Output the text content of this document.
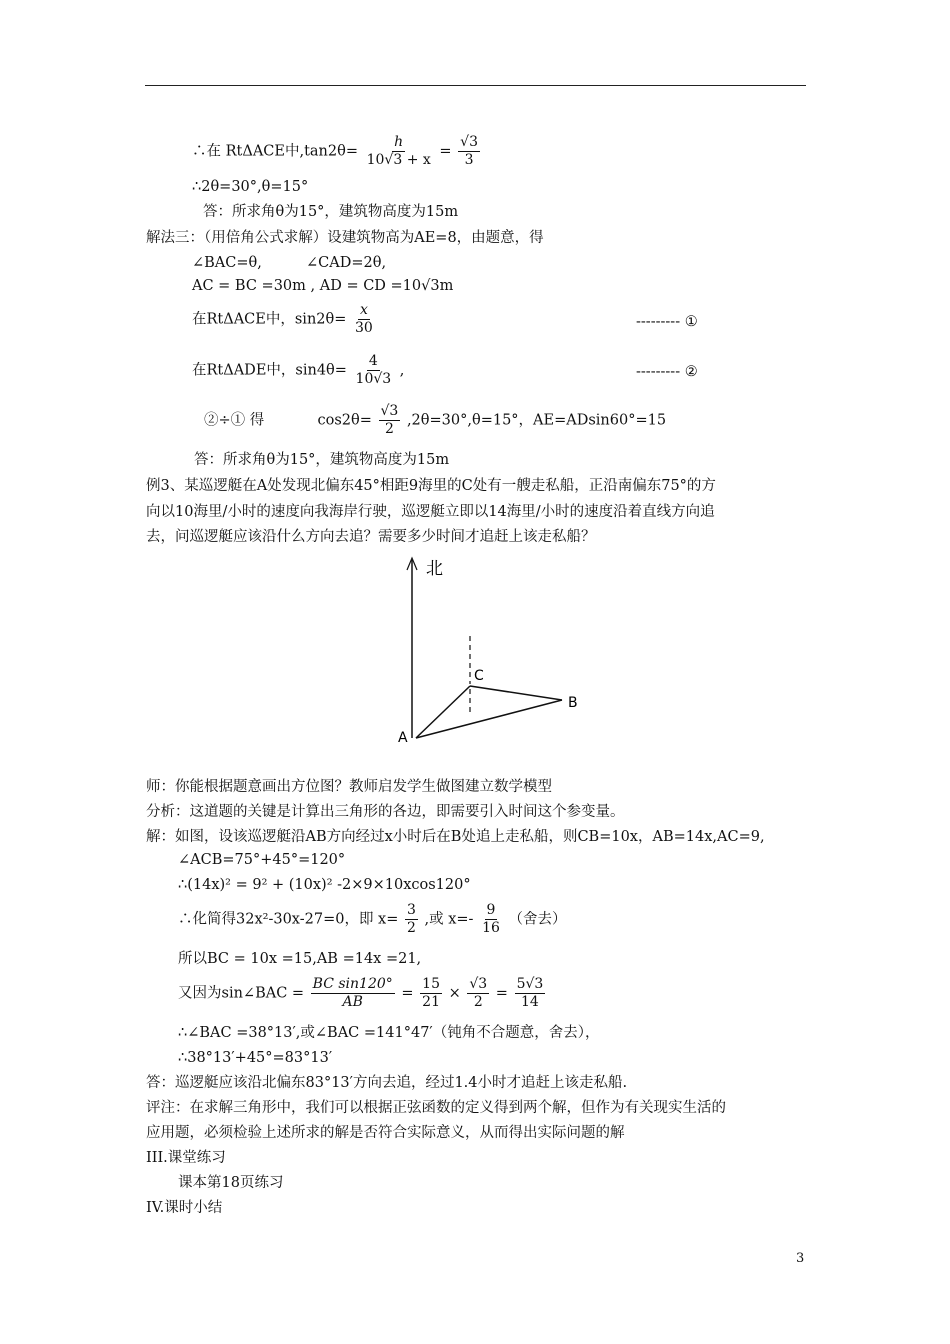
∴在 RtΔACE中$,\tan 2\theta= \frac{h}{10√3 + x} = \frac{√3}{3}$
∴2θ=30°,θ=15°
答：所求角θ为15°，建筑物高度为15m
解法三：（用倍角公式求解）设建筑物高为AE=8，由题意，得
∠BAC=θ,	∠CAD=2θ,
AC = BC =30m , AD = CD =10√3m
在RtΔACE中，$\sin 2\theta= \frac{x}{30}$	--------- ①
在RtΔADE中，$\sin 4\theta= \frac{4}{10√3}$ ,	--------- ②
②÷① 得	$\cos 2\theta= \frac{√3}{2} ,2\theta=30^\circ,\theta=15^\circ$，AE=ADsin60°=15
答：所求角θ为15°，建筑物高度为15m
例3、某巡逻艇在A处发现北偏东45°相距9海里的C处有一艘走私船，正沿南偏东75°的方
向以10海里/小时的速度向我海岸行驶，巡逻艇立即以14海里/小时的速度沿着直线方向追
去，问巡逻艇应该沿什么方向去追？需要多少时间才追赶上该走私船？
北
C
B
A
师：你能根据题意画出方位图？教师启发学生做图建立数学模型
分析：这道题的关键是计算出三角形的各边，即需要引入时间这个参变量。
解：如图，设该巡逻艇沿AB方向经过x小时后在B处追上走私船，则CB=10x，AB=14x,AC=9,
∠ACB=75°+45°=120°
∴(14x)² = 9² + (10x)² -2×9×10xcos120°
∴化简得32x²-30x-27=0，即 $x= \frac{3}{2}$ ,或 $x=- \frac{9}{16}$ （舍去）
所以BC = 10x =15,AB =14x =21,
又因为sin∠BAC = $\frac{\text{BC sin120°}}{AB} = \frac{15}{21} \times \frac{√3}{2} = \frac{5√3}{14}$
∴∠BAC =38°13′,或∠BAC =141°47′（钝角不合题意，舍去），
∴38°13′+45°=83°13′
答：巡逻艇应该沿北偏东83°13′方向去追，经过1.4小时才追赶上该走私船.
评注：在求解三角形中，我们可以根据正弦函数的定义得到两个解，但作为有关现实生活的
应用题，必须检验上述所求的解是否符合实际意义，从而得出实际问题的解
III.课堂练习
课本第18页练习
IV.课时小结
3
